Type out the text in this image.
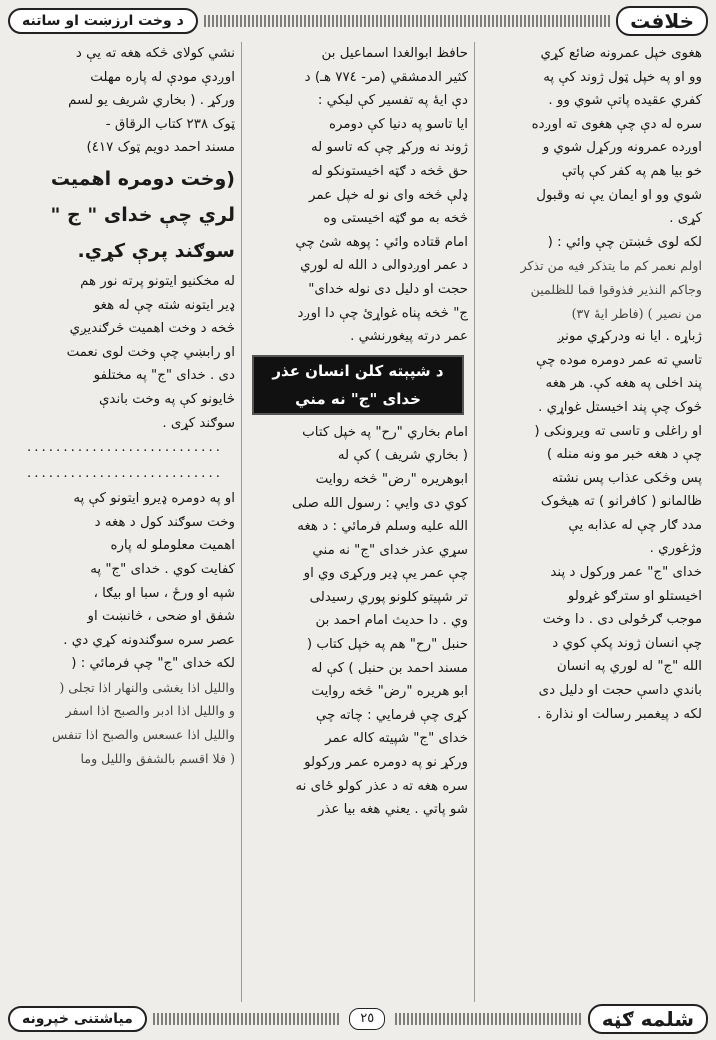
خلافت
د وخت ارزښت او ساتنه

هغوی خپل عمرونه ضائع کړي

وو او په خپل ټول ژوند کې په

کفري عقیده پاتې شوي وو .

سره له دې چې هغوی ته اوږده

اوږده عمرونه ورکړل شوي و

خو بیا هم په کفر کې پاتې

شوي وو او ایمان یې نه وقبول

کړی .

لکه لوی څښتن چې وائي : (

اولم نعمر کم ما يتذکر فيه من تذکر

وجاکم النذير فذوقوا فما للظلمين

من نصير ) (فاطر ایۀ ٣٧)

ژباړه . ایا نه ودرکړي مونږ

تاسي ته عمر دومره موده چې

پند اخلی په هغه کې. هر هغه

څوک چې پند اخیستل غواړي .

او راغلی و تاسی ته ویرونکی (

چې د هغه خبر مو ونه منله )

پس وڅکی عذاب پس نشته

ظالمانو ( کافرانو ) ته هیڅوک

مدد ګار چې له عذابه یې

وژغوري .

خدای "ج" عمر ورکول د پند

اخیستلو او سترګو غړولو

موجب ګرځولی دی . دا وخت

چې انسان ژوند پکې کوي د

الله "ج" له لوري په انسان

باندي داسې حجت او دلیل دی

لکه د پیغمبر رسالت او نذارة .

حافظ ابوالغدا اسماعیل بن

کثیر الدمشقي (مر- ٧٧٤ هـ) د

دې ایۀ په تفسیر کې لیکي :

ایا تاسو په دنیا کې دومره

ژوند نه ورکړ چې که تاسو له

حق څخه د ګټه اخیستونکو له

ډلې څخه وای نو له خپل عمر

څخه به مو ګټه اخیستی وه

امام قتاده وائي : پوهه شئ چې

د عمر اوږدوالی د الله له لوري

حجت او دلیل دی نوله خدای"

ج" څخه پناه غواړئ چې دا اوږد

عمر درته پیغورنشي .

د شپېته کلن انسان عذر خدای "ج" نه مني

امام بخاري "رح" په خپل کتاب

( بخاري شریف ) کې له

ابوهریره "رض" څخه روایت

کوي دی وایي : رسول الله صلی

الله علیه وسلم فرمائي : د هغه

سړي عذر خدای "ج" نه مني

چې عمر یې ډیر ورکړی وي او

تر شپیتو کلونو پوري رسیدلی

وي . دا حدیث امام احمد بن

حنبل "رح" هم په خپل کتاب (

مسند احمد بن حنبل ) کې له

ابو هریره "رض" څخه روایت

کړی چې فرمایي : چاته چې

خدای "ج" شپیته کاله عمر

ورکړ نو په دومره عمر ورکولو

سره هغه ته د عذر کولو ځای نه

شو پاتي . یعني هغه بیا عذر

نشي کولای څکه هغه ته یې د

اوږدې مودې له پاره مهلت

ورکړ . ( بخاري شریف یو لسم

ټوک ٢٣٨ کتاب الرقاق -

مسند احمد دویم ټوک ٤١٧)

(وخت دومره اهمیت

لري چې خدای " ج "

سوګند پرې کړي.

له مخکنیو ایتونو پرته نور هم

ډیر ایتونه شته چې له هغو

څخه د وخت اهمیت څرګندیږي

او رابښي چې وخت لوی نعمت

دی . خدای "ج" په مختلفو

څایونو کې په وخت باندې

سوګند کړی .

...........................
...........................

او په دومره ډیرو ایتونو کې په

وخت سوګند کول د هغه د

اهمیت معلوملو له پاره

کفایت کوي . خدای "ج" په

شپه او ورځ ، سبا او بیګا ،

شفق او ضحی ، څانښت او

عصر سره سوګندونه کړي دي .

لکه خدای "ج" چې فرمائي : (

والليل اذا يغشى والنهار اذا تجلى (

و والليل اذا ادبر والصبح اذا اسفر

والليل اذا عسعس والصبح اذا تنفس

( فلا اقسم بالشفق والليل وما

شلمه ګڼه
٢٥
مياشتنی خپرونه
